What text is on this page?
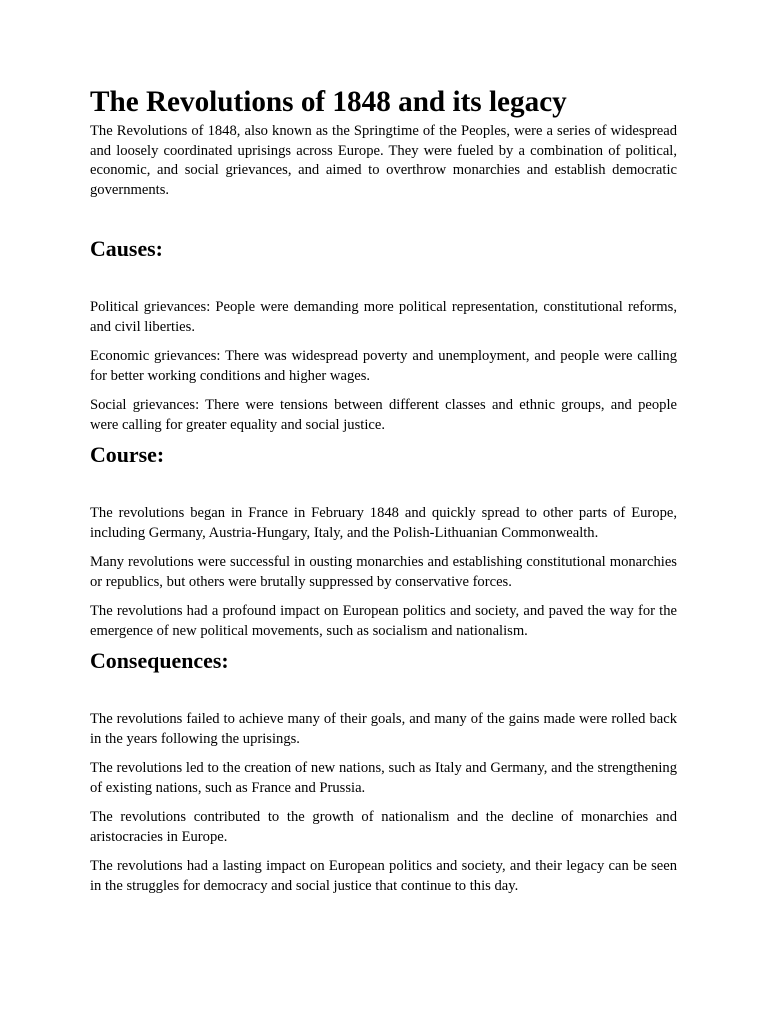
The Revolutions of 1848 and its legacy

The Revolutions of 1848, also known as the Springtime of the Peoples, were a series of widespread and loosely coordinated uprisings across Europe. They were fueled by a combination of political, economic, and social grievances, and aimed to overthrow monarchies and establish democratic governments.

Causes:

Political grievances: People were demanding more political representation, constitutional reforms, and civil liberties.

Economic grievances: There was widespread poverty and unemployment, and people were calling for better working conditions and higher wages.

Social grievances: There were tensions between different classes and ethnic groups, and people were calling for greater equality and social justice.

Course:

The revolutions began in France in February 1848 and quickly spread to other parts of Europe, including Germany, Austria-Hungary, Italy, and the Polish-Lithuanian Commonwealth.

Many revolutions were successful in ousting monarchies and establishing constitutional monarchies or republics, but others were brutally suppressed by conservative forces.

The revolutions had a profound impact on European politics and society, and paved the way for the emergence of new political movements, such as socialism and nationalism.

Consequences:

The revolutions failed to achieve many of their goals, and many of the gains made were rolled back in the years following the uprisings.

The revolutions led to the creation of new nations, such as Italy and Germany, and the strengthening of existing nations, such as France and Prussia.

The revolutions contributed to the growth of nationalism and the decline of monarchies and aristocracies in Europe.

The revolutions had a lasting impact on European politics and society, and their legacy can be seen in the struggles for democracy and social justice that continue to this day.
